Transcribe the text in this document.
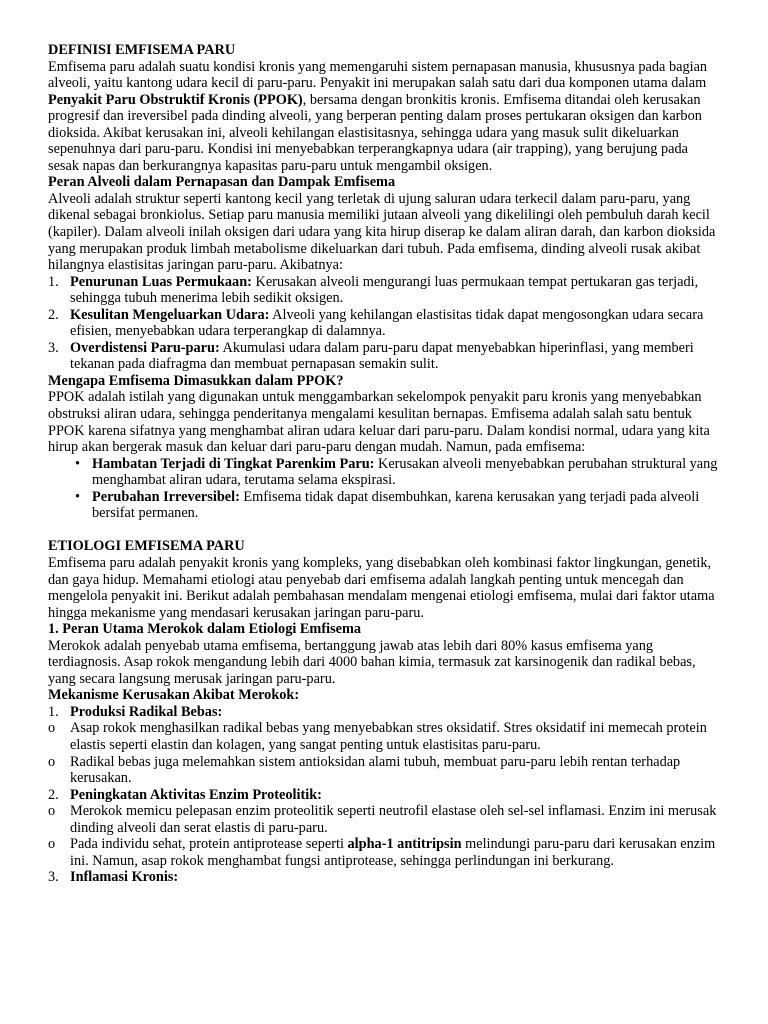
DEFINISI EMFISEMA PARU

Emfisema paru adalah suatu kondisi kronis yang memengaruhi sistem pernapasan manusia, khususnya pada bagian alveoli, yaitu kantong udara kecil di paru-paru. Penyakit ini merupakan salah satu dari dua komponen utama dalam Penyakit Paru Obstruktif Kronis (PPOK), bersama dengan bronkitis kronis. Emfisema ditandai oleh kerusakan progresif dan ireversibel pada dinding alveoli, yang berperan penting dalam proses pertukaran oksigen dan karbon dioksida. Akibat kerusakan ini, alveoli kehilangan elastisitasnya, sehingga udara yang masuk sulit dikeluarkan sepenuhnya dari paru-paru. Kondisi ini menyebabkan terperangkapnya udara (air trapping), yang berujung pada sesak napas dan berkurangnya kapasitas paru-paru untuk mengambil oksigen.

Peran Alveoli dalam Pernapasan dan Dampak Emfisema

Alveoli adalah struktur seperti kantong kecil yang terletak di ujung saluran udara terkecil dalam paru-paru, yang dikenal sebagai bronkiolus. Setiap paru manusia memiliki jutaan alveoli yang dikelilingi oleh pembuluh darah kecil (kapiler). Dalam alveoli inilah oksigen dari udara yang kita hirup diserap ke dalam aliran darah, dan karbon dioksida yang merupakan produk limbah metabolisme dikeluarkan dari tubuh. Pada emfisema, dinding alveoli rusak akibat hilangnya elastisitas jaringan paru-paru. Akibatnya:

1. Penurunan Luas Permukaan: Kerusakan alveoli mengurangi luas permukaan tempat pertukaran gas terjadi, sehingga tubuh menerima lebih sedikit oksigen.
2. Kesulitan Mengeluarkan Udara: Alveoli yang kehilangan elastisitas tidak dapat mengosongkan udara secara efisien, menyebabkan udara terperangkap di dalamnya.
3. Overdistensi Paru-paru: Akumulasi udara dalam paru-paru dapat menyebabkan hiperinflasi, yang memberi tekanan pada diafragma dan membuat pernapasan semakin sulit.
Mengapa Emfisema Dimasukkan dalam PPOK?

PPOK adalah istilah yang digunakan untuk menggambarkan sekelompok penyakit paru kronis yang menyebabkan obstruksi aliran udara, sehingga penderitanya mengalami kesulitan bernapas. Emfisema adalah salah satu bentuk PPOK karena sifatnya yang menghambat aliran udara keluar dari paru-paru. Dalam kondisi normal, udara yang kita hirup akan bergerak masuk dan keluar dari paru-paru dengan mudah. Namun, pada emfisema:

• Hambatan Terjadi di Tingkat Parenkim Paru: Kerusakan alveoli menyebabkan perubahan struktural yang menghambat aliran udara, terutama selama ekspirasi.
• Perubahan Irreversibel: Emfisema tidak dapat disembuhkan, karena kerusakan yang terjadi pada alveoli bersifat permanen.
ETIOLOGI EMFISEMA PARU

Emfisema paru adalah penyakit kronis yang kompleks, yang disebabkan oleh kombinasi faktor lingkungan, genetik, dan gaya hidup. Memahami etiologi atau penyebab dari emfisema adalah langkah penting untuk mencegah dan mengelola penyakit ini. Berikut adalah pembahasan mendalam mengenai etiologi emfisema, mulai dari faktor utama hingga mekanisme yang mendasari kerusakan jaringan paru-paru.

1. Peran Utama Merokok dalam Etiologi Emfisema

Merokok adalah penyebab utama emfisema, bertanggung jawab atas lebih dari 80% kasus emfisema yang terdiagnosis. Asap rokok mengandung lebih dari 4000 bahan kimia, termasuk zat karsinogenik dan radikal bebas, yang secara langsung merusak jaringan paru-paru.

Mekanisme Kerusakan Akibat Merokok:
1. Produksi Radikal Bebas:
o Asap rokok menghasilkan radikal bebas yang menyebabkan stres oksidatif. Stres oksidatif ini memecah protein elastis seperti elastin dan kolagen, yang sangat penting untuk elastisitas paru-paru.
o Radikal bebas juga melemahkan sistem antioksidan alami tubuh, membuat paru-paru lebih rentan terhadap kerusakan.
2. Peningkatan Aktivitas Enzim Proteolitik:
o Merokok memicu pelepasan enzim proteolitik seperti neutrofil elastase oleh sel-sel inflamasi. Enzim ini merusak dinding alveoli dan serat elastis di paru-paru.
o Pada individu sehat, protein antiprotease seperti alpha-1 antitripsin melindungi paru-paru dari kerusakan enzim ini. Namun, asap rokok menghambat fungsi antiprotease, sehingga perlindungan ini berkurang.
3. Inflamasi Kronis:
